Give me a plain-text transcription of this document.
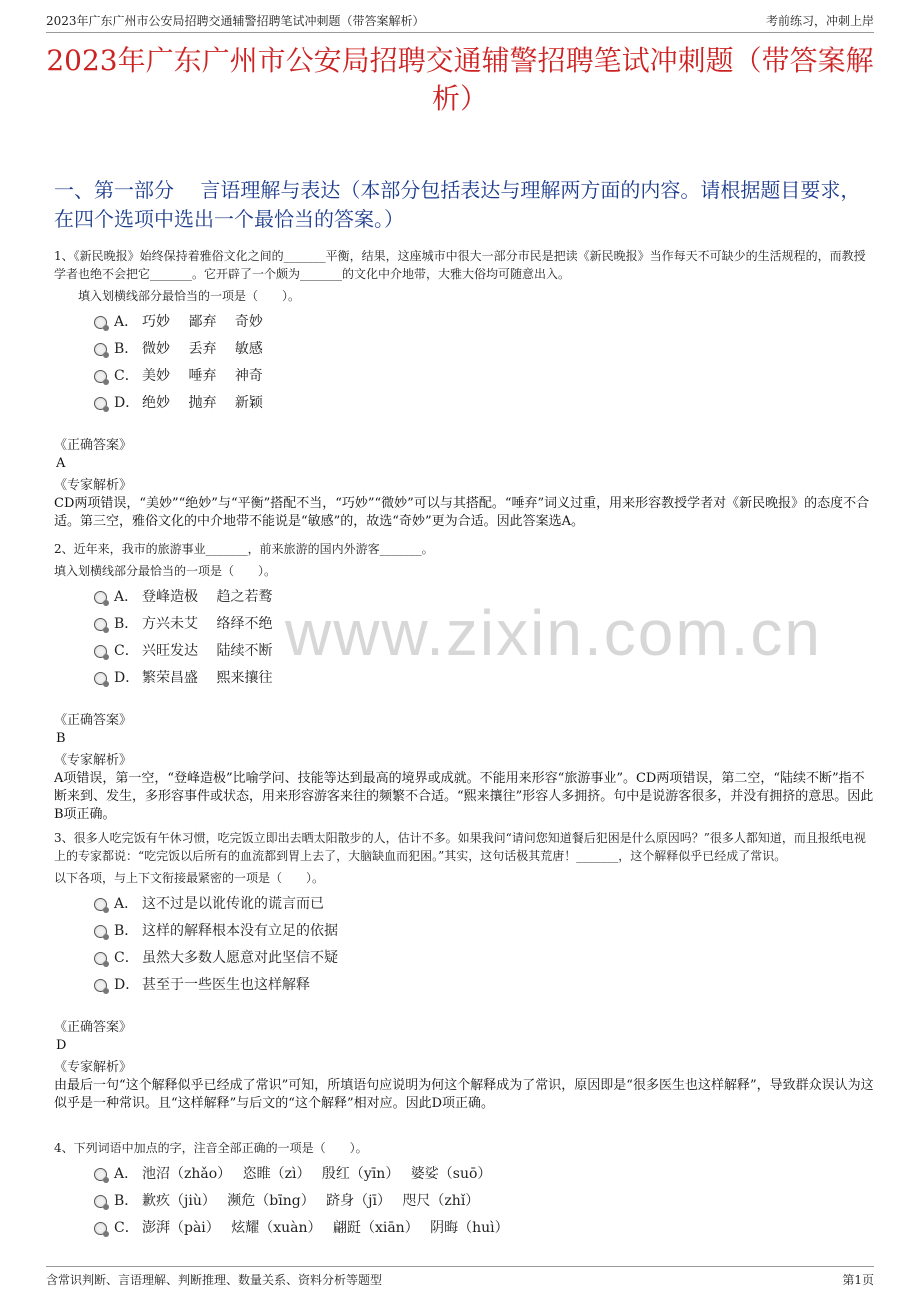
2023年广东广州市公安局招聘交通辅警招聘笔试冲刺题（带答案解析）	考前练习，冲刺上岸
2023年广东广州市公安局招聘交通辅警招聘笔试冲刺题（带答案解析）
一、第一部分　 言语理解与表达（本部分包括表达与理解两方面的内容。请根据题目要求，在四个选项中选出一个最恰当的答案。）
www.zixin.com.cn

1、《新民晚报》始终保持着雅俗文化之间的_______平衡，结果，这座城市中很大一部分市民是把读《新民晚报》当作每天不可缺少的生活规程的，而教授学者也绝不会把它_______。它开辟了一个颇为_______的文化中介地带，大雅大俗均可随意出入。

填入划横线部分最恰当的一项是（　　）。

A． 巧妙　 鄙弃　 奇妙
B． 微妙　 丢弃　 敏感
C． 美妙　 唾弃　 神奇
D． 绝妙　 抛弃　 新颖
《正确答案》
A
《专家解析》

CD两项错误，“美妙”“绝妙”与“平衡”搭配不当，“巧妙”“微妙”可以与其搭配。“唾弃”词义过重，用来形容教授学者对《新民晚报》的态度不合适。第三空，雅俗文化的中介地带不能说是“敏感”的，故选“奇妙”更为合适。因此答案选A。

2、近年来，我市的旅游事业_______，前来旅游的国内外游客_______。

填入划横线部分最恰当的一项是（　　）。

A． 登峰造极　 趋之若鹜
B． 方兴未艾　 络绎不绝
C． 兴旺发达　 陆续不断
D． 繁荣昌盛　 熙来攘往
《正确答案》
B
《专家解析》

A项错误，第一空，“登峰造极”比喻学问、技能等达到最高的境界或成就。不能用来形容“旅游事业”。CD两项错误，第二空，“陆续不断”指不断来到、发生，多形容事件或状态，用来形容游客来往的频繁不合适。“熙来攘往”形容人多拥挤。句中是说游客很多，并没有拥挤的意思。因此B项正确。

3、很多人吃完饭有午休习惯，吃完饭立即出去晒太阳散步的人，估计不多。如果我问“请问您知道餐后犯困是什么原因吗？”很多人都知道，而且报纸电视上的专家都说：“吃完饭以后所有的血流都到胃上去了，大脑缺血而犯困。”其实，这句话极其荒唐！_______，这个解释似乎已经成了常识。

以下各项，与上下文衔接最紧密的一项是（　　）。

A． 这不过是以讹传讹的谎言而已
B． 这样的解释根本没有立足的依据
C． 虽然大多数人愿意对此坚信不疑
D． 甚至于一些医生也这样解释
《正确答案》
D
《专家解析》

由最后一句“这个解释似乎已经成了常识”可知，所填语句应说明为何这个解释成为了常识，原因即是“很多医生也这样解释”，导致群众误认为这似乎是一种常识。且“这样解释”与后文的“这个解释”相对应。因此D项正确。

4、下列词语中加点的字，注音全部正确的一项是（　　）。

A． 池沼（zhǎo）　 恣睢（zì）　 殷红（yīn）　 婆娑（suō）
B． 歉疚（jiù）　 濒危（bīng）　 跻身（jī）　 咫尺（zhǐ）
C． 澎湃（pài）　 炫耀（xuàn）　 翩跹（xiān）　 阴晦（huì）
含常识判断、言语理解、判断推理、数量关系、资料分析等题型	第1页
